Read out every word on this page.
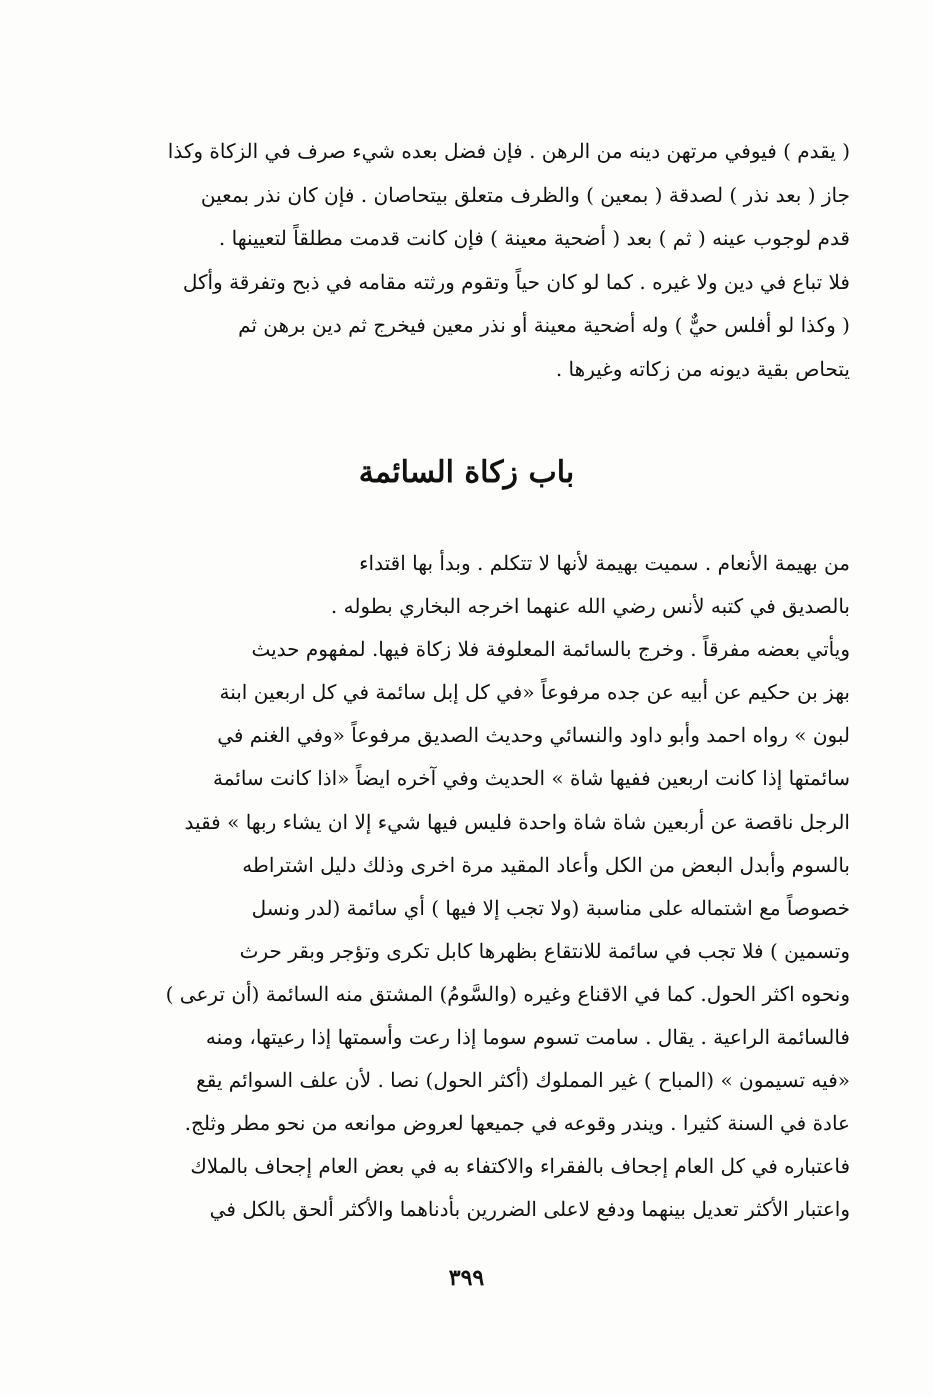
( يقدم ) فيوفي مرتهن دينه من الرهن . فإن فضل بعده شيء صرف في الزكاة وكذا
جاز ( بعد نذر ) لصدقة ( بمعين ) والظرف متعلق بيتحاصان . فإن كان نذر بمعين
قدم لوجوب عينه ( ثم ) بعد ( أضحية معينة ) فإن كانت قدمت مطلقاً لتعيينها .
فلا تباع في دين ولا غيره . كما لو كان حياً وتقوم ورثته مقامه في ذبح وتفرقة وأكل
( وكذا لو أفلس حيٌّ ) وله أضحية معينة أو نذر معين فيخرج ثم دين برهن ثم
يتحاص بقية ديونه من زكاته وغيرها .
باب زكاة السائمة
من بهيمة الأنعام . سميت بهيمة لأنها لا تتكلم . وبدأ بها اقتداء
بالصديق في كتبه لأنس رضي الله عنهما اخرجه البخاري بطوله .
ويأتي بعضه مفرقاً . وخرج بالسائمة المعلوفة فلا زكاة فيها. لمفهوم حديث
بهز بن حكيم عن أبيه عن جده مرفوعاً «في كل إبل سائمة في كل اربعين ابنة
لبون » رواه احمد وأبو داود والنسائي وحديث الصديق مرفوعاً «وفي الغنم في
سائمتها إذا كانت اربعين ففيها شاة » الحديث وفي آخره ايضاً «اذا كانت سائمة
الرجل ناقصة عن أربعين شاة شاة واحدة فليس فيها شيء إلا ان يشاء ربها » فقيد
بالسوم وأبدل البعض من الكل وأعاد المقيد مرة اخرى وذلك دليل اشتراطه
خصوصاً مع اشتماله على مناسبة (ولا تجب إلا فيها ) أي سائمة (لدر ونسل
وتسمين ) فلا تجب في سائمة للانتقاع بظهرها كابل تكرى وتؤجر وبقر حرث
ونحوه اكثر الحول. كما في الاقناع وغيره (والسَّومُ) المشتق منه السائمة (أن ترعى )
فالسائمة الراعية . يقال . سامت تسوم سوما إذا رعت وأسمتها إذا رعيتها، ومنه
«فيه تسيمون » (المباح ) غير المملوك (أكثر الحول) نصا . لأن علف السوائم يقع
عادة في السنة كثيرا . ويندر وقوعه في جميعها لعروض موانعه من نحو مطر وثلج.
فاعتباره في كل العام إجحاف بالفقراء والاكتفاء به في بعض العام إجحاف بالملاك
واعتبار الأكثر تعديل بينهما ودفع لاعلى الضررين بأدناهما والأكثر ألحق بالكل في
٣٩٩
